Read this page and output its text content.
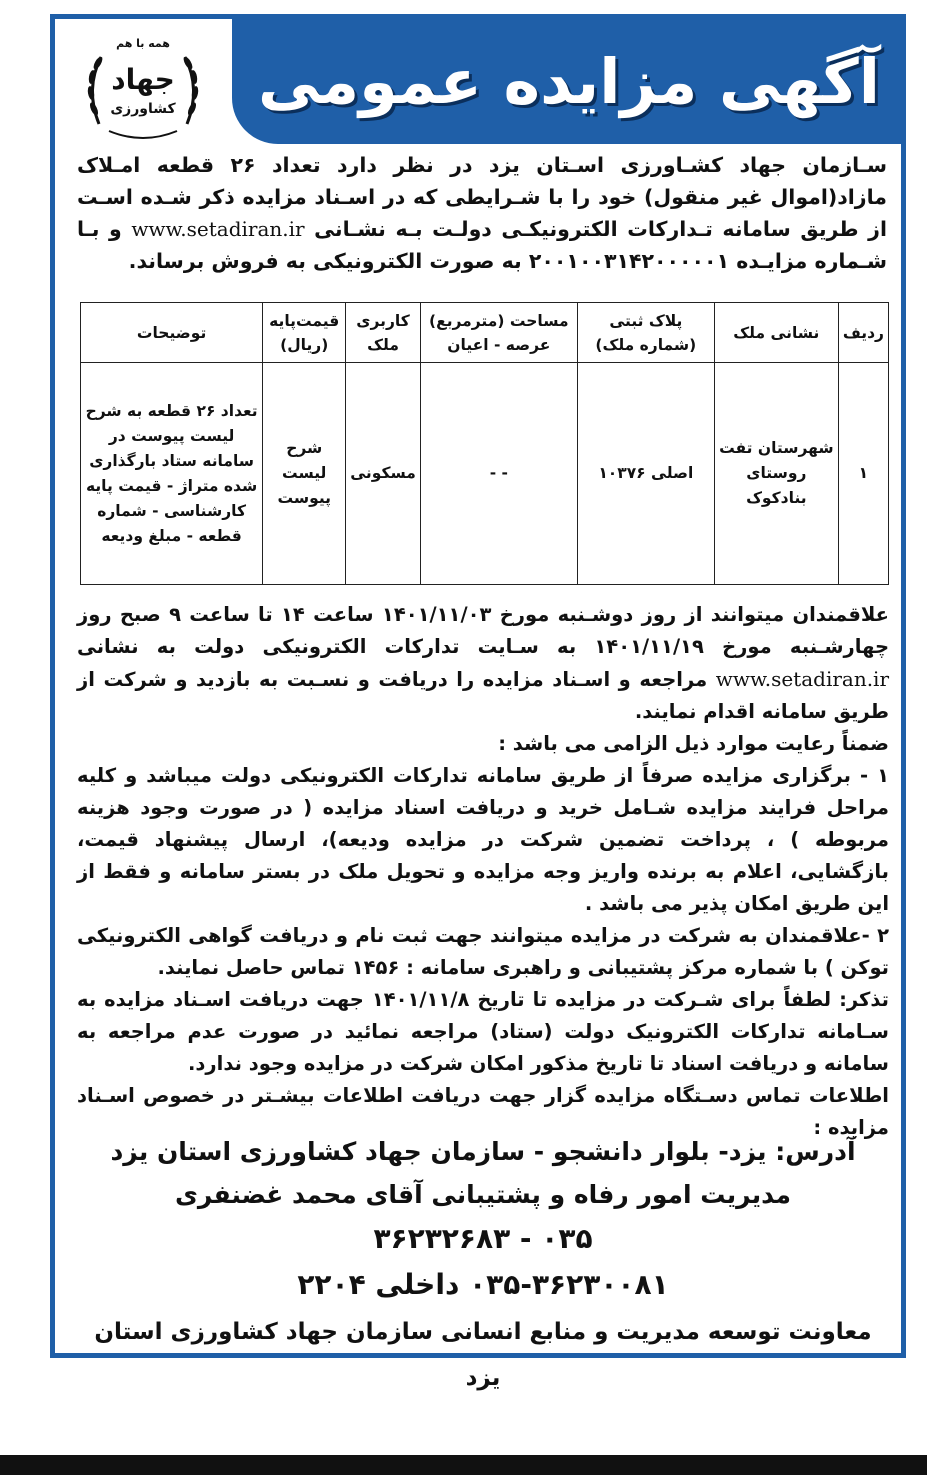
آگهی مزایده عمومی
همه با هم
جهاد
کشاورزی
سـازمان جهاد کشـاورزی اسـتان یزد در نظر دارد تعداد ۲۶ قطعه امـلاک مازاد(اموال غیر منقول) خود را با شـرایطی که در اسـناد مزایده ذکر شـده اسـت از طریق سامانه تـدارکات الکترونیکـی دولـت بـه نشـانی www.setadiran.ir و بـا شـماره مزایـده ۲۰۰۱۰۰۳۱۴۲۰۰۰۰۰۱ به صورت الکترونیکی به فروش برساند.
ردیف	نشانی ملک	پلاک ثبتی (شماره ملک)	مساحت (مترمربع) عرصه - اعیان	کاربری ملک	قیمت‌پایه (ریال)	توضیحات
۱	شهرستان تفت روستای بنادکوک	اصلی ۱۰۳۷۶	- -	مسکونی	شرح لیست پیوست	تعداد ۲۶ قطعه به شرح لیست پیوست در سامانه ستاد بارگذاری شده متراژ - قیمت پایه کارشناسی - شماره قطعه - مبلغ ودیعه

علاقمندان میتوانند از روز دوشـنبه مورخ ۱۴۰۱/۱۱/۰۳ ساعت ۱۴ تا ساعت ۹ صبح روز چهارشـنبه مورخ ۱۴۰۱/۱۱/۱۹ به سـایت تدارکات الکترونیکی دولت به نشانی www.setadiran.ir مراجعه و اسـناد مزایده را دریافت و نسـبت به بازدید و شرکت از طریق سامانه اقدام نمایند.

ضمناً رعایت موارد ذیل الزامی می باشد :

۱ - برگزاری مزایده صرفاً از طریق سامانه تدارکات الکترونیکی دولت میباشد و کلیه مراحل فرایند مزایده شـامل خرید و دریافت اسناد مزایده ( در صورت وجود هزینه مربوطه ) ، پرداخت تضمین شرکت در مزایده ودیعه)، ارسال پیشنهاد قیمت، بازگشایی، اعلام به برنده واریز وجه مزایده و تحویل ملک در بستر سامانه و فقط از این طریق امکان پذیر می باشد .

۲ -علاقمندان به شرکت در مزایده میتوانند جهت ثبت نام و دریافت گواهی الکترونیکی توکن ) با شماره مرکز پشتیبانی و راهبری سامانه : ۱۴۵۶ تماس حاصل نمایند.

تذکر: لطفاً برای شـرکت در مزایده تا تاریخ ۱۴۰۱/۱۱/۸ جهت دریافت اسـناد مزایده به سـامانه تدارکات الکترونیک دولت (ستاد) مراجعه نمائید در صورت عدم مراجعه به سامانه و دریافت اسناد تا تاریخ مذکور امکان شرکت در مزایده وجود ندارد.

اطلاعات تماس دسـتگاه مزایده گزار جهت دریافت اطلاعات بیشـتر در خصوص اسـناد مزایده :

آدرس: یزد- بلوار دانشجو - سازمان جهاد کشاورزی استان یزد
مدیریت امور رفاه و پشتیبانی آقای محمد غضنفری
۰۳۵ - ۳۶۲۳۲۶۸۳
۰۳۵-۳۶۲۳۰۰۸۱ داخلی ۲۲۰۴
معاونت توسعه مدیریت و منابع انسانی سازمان جهاد کشاورزی استان یزد
